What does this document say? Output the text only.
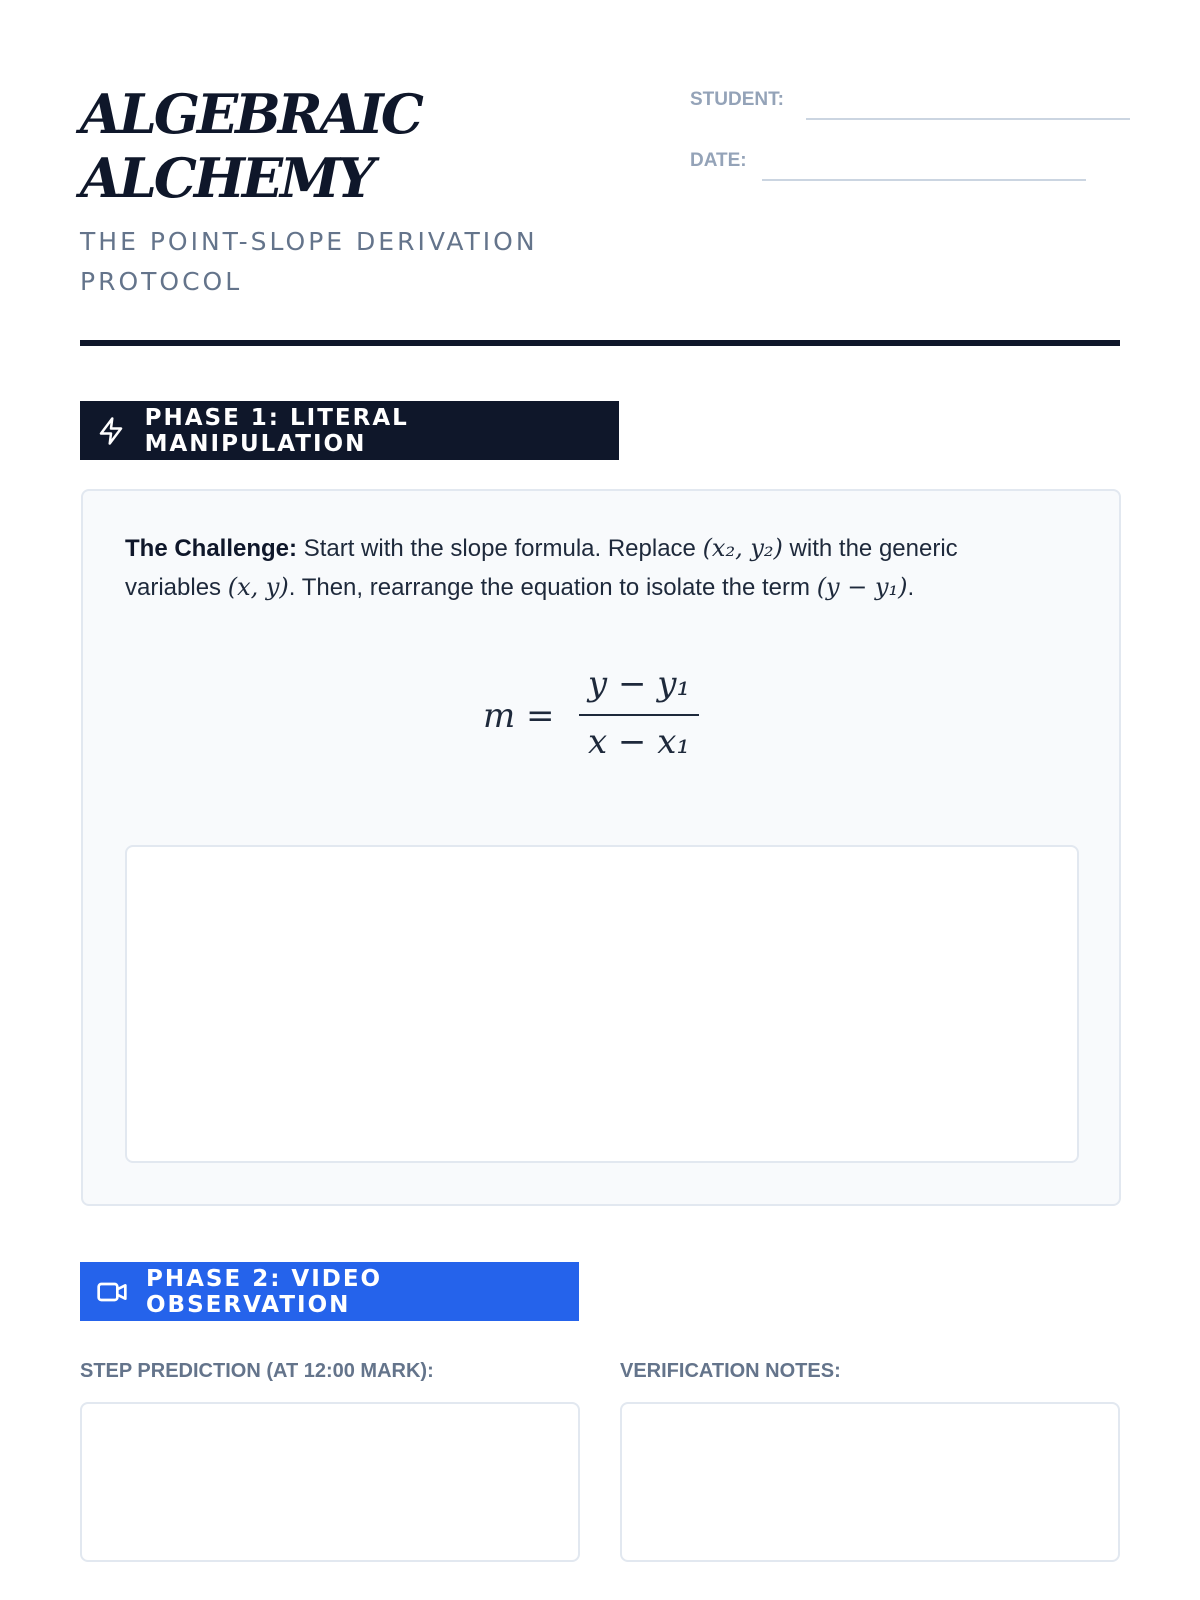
ALGEBRAIC
ALCHEMY
THE POINT-SLOPE DERIVATION PROTOCOL
STUDENT:
DATE:
PHASE 1: LITERAL MANIPULATION
The Challenge: Start with the slope formula. Replace (x₂, y₂) with the generic variables (x, y). Then, rearrange the equation to isolate the term (y − y₁).
m =
y − y₁
x − x₁
PHASE 2: VIDEO OBSERVATION
STEP PREDICTION (AT 12:00 MARK):	VERIFICATION NOTES:
